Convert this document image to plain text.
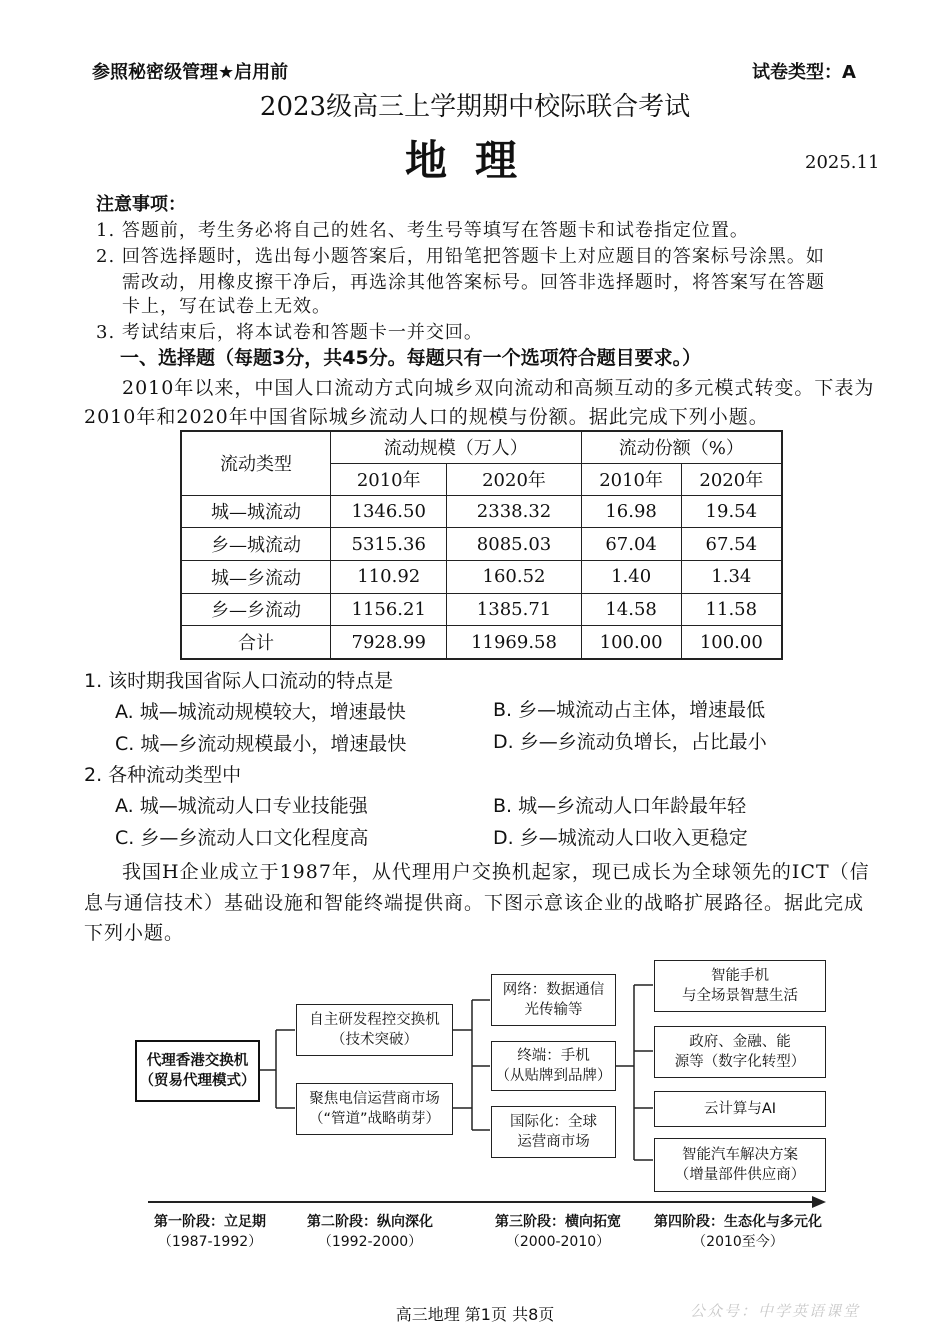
参照秘密级管理★启用前	试卷类型：A
2023级高三上学期期中校际联合考试
地理	2025.11
注意事项：
1. 答题前，考生务必将自己的姓名、考生号等填写在答题卡和试卷指定位置。
2. 回答选择题时，选出每小题答案后，用铅笔把答题卡上对应题目的答案标号涂黑。如
需改动，用橡皮擦干净后，再选涂其他答案标号。回答非选择题时，将答案写在答题
卡上，写在试卷上无效。
3. 考试结束后，将本试卷和答题卡一并交回。
一、选择题（每题3分，共45分。每题只有一个选项符合题目要求。）
2010年以来，中国人口流动方式向城乡双向流动和高频互动的多元模式转变。下表为
2010年和2020年中国省际城乡流动人口的规模与份额。据此完成下列小题。
流动类型	流动规模（万人）		流动份额（%）	
	2010年	2020年	2010年	2020年
城—城流动	1346.50	2338.32	16.98	19.54
乡—城流动	5315.36	8085.03	67.04	67.54
城—乡流动	110.92	160.52	1.40	1.34
乡—乡流动	1156.21	1385.71	14.58	11.58
合计	7928.99	11969.58	100.00	100.00
1. 该时期我国省际人口流动的特点是
A. 城—城流动规模较大，增速最快	B. 乡—城流动占主体，增速最低
C. 城—乡流动规模最小，增速最快	D. 乡—乡流动负增长，占比最小
2. 各种流动类型中
A. 城—城流动人口专业技能强	B. 城—乡流动人口年龄最年轻
C. 乡—乡流动人口文化程度高	D. 乡—城流动人口收入更稳定
我国H企业成立于1987年，从代理用户交换机起家，现已成长为全球领先的ICT（信
息与通信技术）基础设施和智能终端提供商。下图示意该企业的战略扩展路径。据此完成
下列小题。
代理香港交换机
（贸易代理模式）
自主研发程控交换机
（技术突破）
聚焦电信运营商市场
（“管道”战略萌芽）
网络：数据通信
光传输等
终端：手机
（从贴牌到品牌）
国际化：全球
运营商市场
智能手机
与全场景智慧生活
政府、金融、能
源等（数字化转型）
云计算与AI
智能汽车解决方案
（增量部件供应商）
第一阶段：立足期
（1987-1992）
第二阶段：纵向深化
（1992-2000）
第三阶段：横向拓宽
（2000-2010）
第四阶段：生态化与多元化
（2010至今）
高三地理 第1页 共8页	公众号：中学英语课堂
